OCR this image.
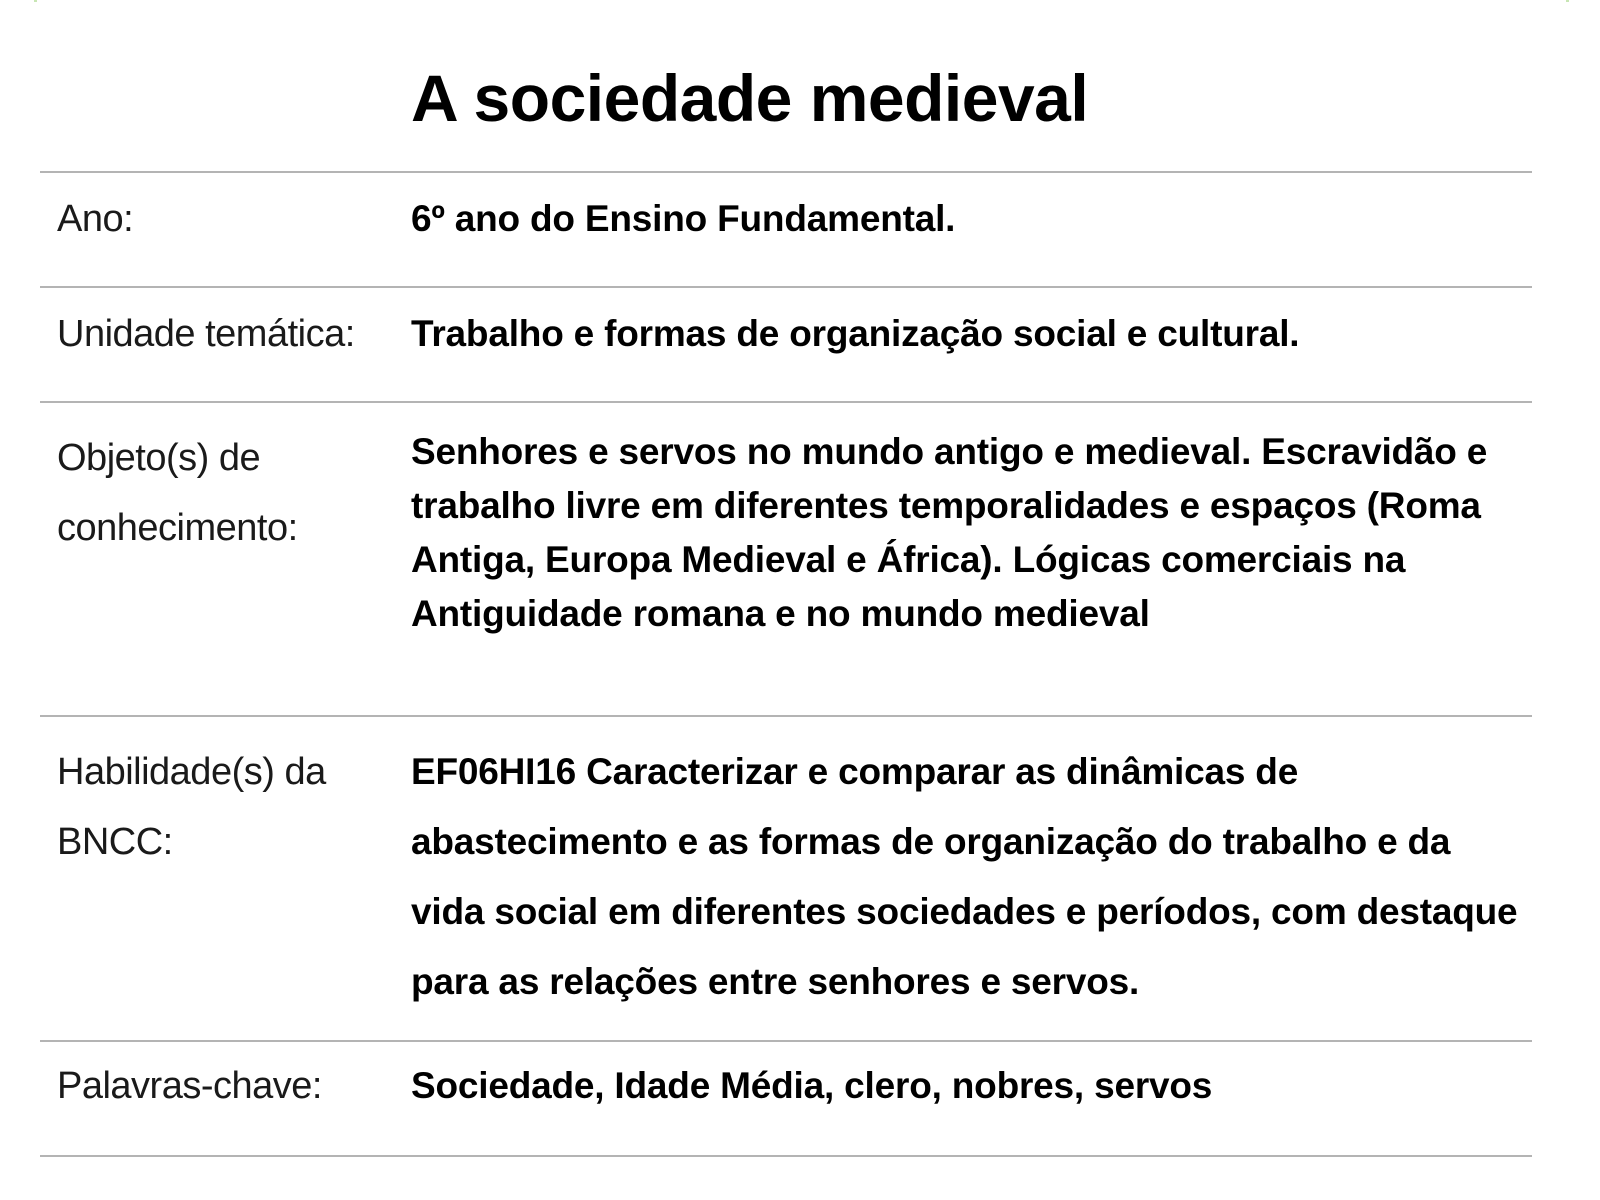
A sociedade medieval
Ano:	6º ano do Ensino Fundamental.
Unidade temática:	Trabalho e formas de organização social e cultural.
Objeto(s) de conhecimento:
Senhores e servos no mundo antigo e medieval. Escravidão e trabalho livre em diferentes temporalidades e espaços (Roma Antiga, Europa Medieval e África). Lógicas comerciais na Antiguidade romana e no mundo medieval
Habilidade(s) da BNCC:
EF06HI16 Caracterizar e comparar as dinâmicas de abastecimento e as formas de organização do trabalho e da vida social em diferentes sociedades e períodos, com destaque para as relações entre senhores e servos.
Palavras-chave:	Sociedade, Idade Média, clero, nobres, servos
